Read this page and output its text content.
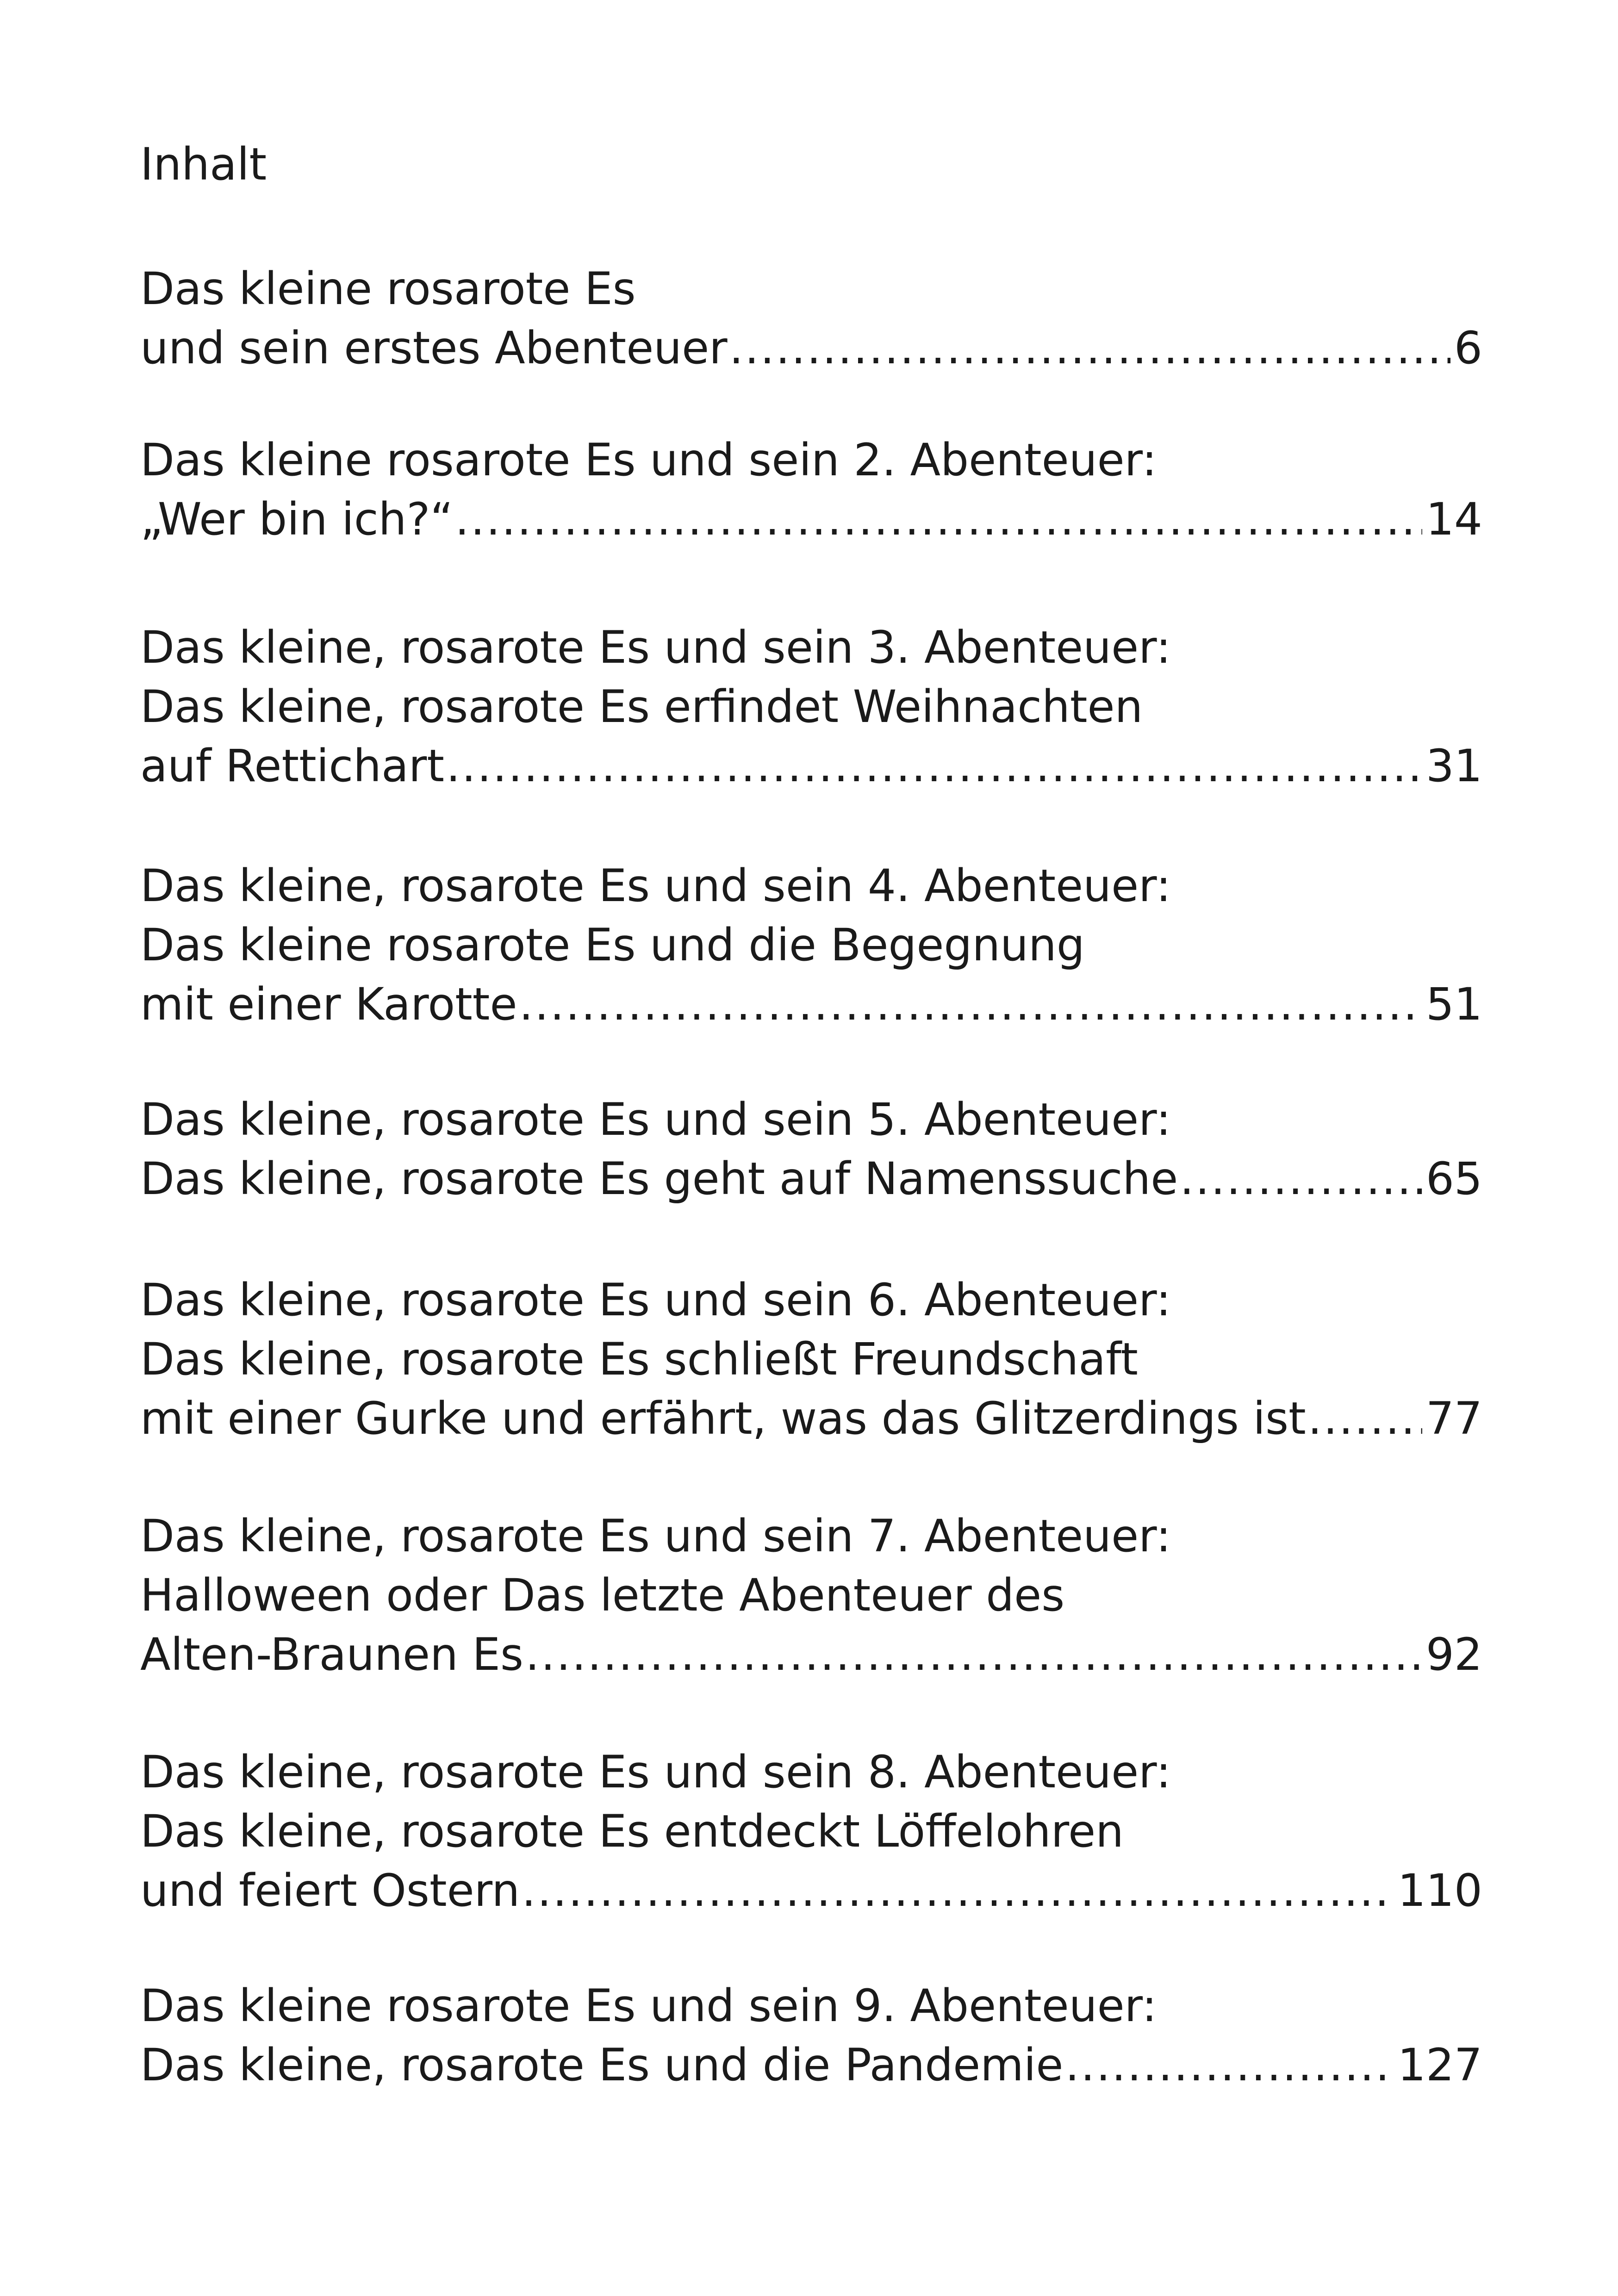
Inhalt
Das kleine rosarote Es
und sein erstes Abenteuer .....	6
Das kleine rosarote Es und sein 2. Abenteuer:
„Wer bin ich?“ .....	14
Das kleine, rosarote Es und sein 3. Abenteuer:
Das kleine, rosarote Es erfindet Weihnachten
auf Rettichart .....	31
Das kleine, rosarote Es und sein 4. Abenteuer:
Das kleine rosarote Es und die Begegnung
mit einer Karotte .....	51
Das kleine, rosarote Es und sein 5. Abenteuer:
Das kleine, rosarote Es geht auf Namenssuche .....	65
Das kleine, rosarote Es und sein 6. Abenteuer:
Das kleine, rosarote Es schließt Freundschaft
mit einer Gurke und erfährt, was das Glitzerdings ist .....	77
Das kleine, rosarote Es und sein 7. Abenteuer:
Halloween oder Das letzte Abenteuer des
Alten-Braunen Es .....	92
Das kleine, rosarote Es und sein 8. Abenteuer:
Das kleine, rosarote Es entdeckt Löffelohren
und feiert Ostern .....	110
Das kleine rosarote Es und sein 9. Abenteuer:
Das kleine, rosarote Es und die Pandemie .....	127
